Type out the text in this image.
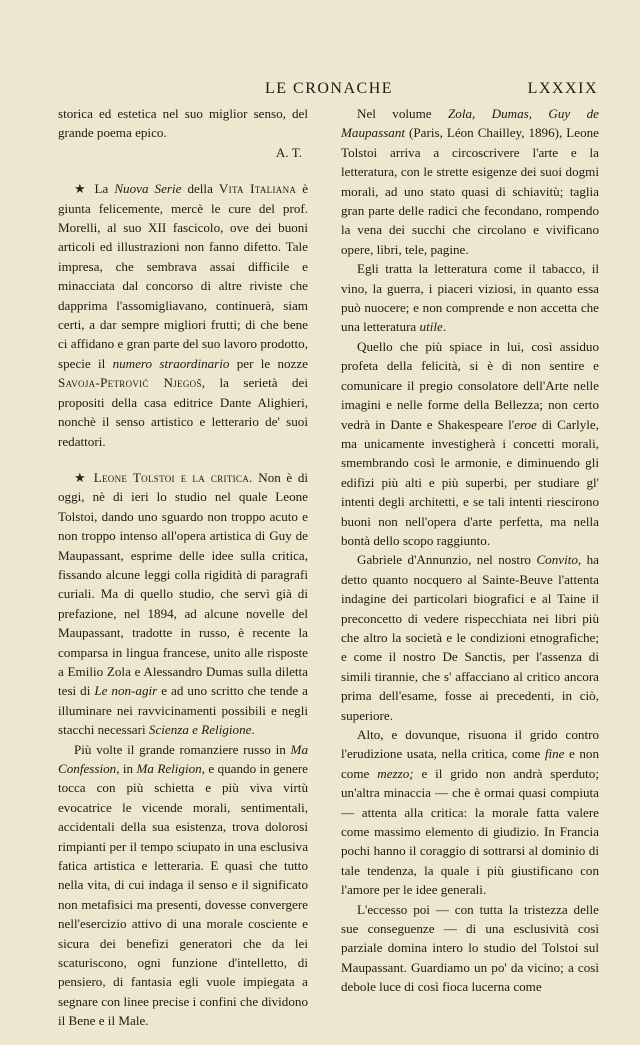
LE CRONACHE	LXXXIX

storica ed estetica nel suo miglior senso, del grande poema epico.
A. T.

★ La Nuova Serie della Vita Italiana è giunta felicemente, mercè le cure del prof. Morelli, al suo XII fascicolo, ove dei buoni articoli ed illustrazioni non fanno difetto. Tale impresa, che sembrava assai difficile e minacciata dal concorso di altre riviste che dapprima l'assomigliavano, continuerà, siam certi, a dar sempre migliori frutti; di che bene ci affidano e gran parte del suo lavoro prodotto, specie il numero straordinario per le nozze Savoja-Petrović Njegoš, la serietà dei propositi della casa editrice Dante Alighieri, nonchè il senso artistico e letterario de' suoi redattori.

★ Leone Tolstoi e la critica. Non è di oggi, nè di ieri lo studio nel quale Leone Tolstoi, dando uno sguardo non troppo acuto e non troppo intenso all'opera artistica di Guy de Maupassant, esprime delle idee sulla critica, fissando alcune leggi colla rigidità di paragrafi curiali. Ma di quello studio, che servì già di prefazione, nel 1894, ad alcune novelle del Maupassant, tradotte in russo, è recente la comparsa in lingua francese, unito alle risposte a Emilio Zola e Alessandro Dumas sulla diletta tesi di Le non-agir e ad uno scritto che tende a illuminare nei ravvicinamenti possibili e negli stacchi necessari Scienza e Religione.

Più volte il grande romanziere russo in Ma Confession, in Ma Religion, e quando in genere tocca con più schietta e più viva virtù evocatrice le vicende morali, sentimentali, accidentali della sua esistenza, trova dolorosi rimpianti per il tempo sciupato in una esclusiva fatica artistica e letteraria. E quasi che tutto nella vita, di cui indaga il senso e il significato non metafisici ma presenti, dovesse convergere nell'esercizio attivo di una morale cosciente e sicura dei benefizi generatori che da lei scaturiscono, ogni funzione d'intelletto, di pensiero, di fantasia egli vuole impiegata a segnare con linee precise i confini che dividono il Bene e il Male.

Nel volume Zola, Dumas, Guy de Maupassant (Paris, Léon Chailley, 1896), Leone Tolstoi arriva a circoscrivere l'arte e la letteratura, con le strette esigenze dei suoi dogmi morali, ad uno stato quasi di schiavitù; taglia gran parte delle radici che fecondano, rompendo la vena dei succhi che circolano e vivificano opere, libri, tele, pagine.

Egli tratta la letteratura come il tabacco, il vino, la guerra, i piaceri viziosi, in quanto essa può nuocere; e non comprende e non accetta che una letteratura utile.

Quello che più spiace in lui, così assiduo profeta della felicità, si è di non sentire e comunicare il pregio consolatore dell'Arte nelle imagini e nelle forme della Bellezza; non certo vedrà in Dante e Shakespeare l'eroe di Carlyle, ma unicamente investigherà i concetti morali, smembrando così le armonie, e diminuendo gli edifizi più alti e più superbi, per studiare gl' intenti degli architetti, e se tali intenti riescirono buoni non nell'opera d'arte perfetta, ma nella bontà dello scopo raggiunto.

Gabriele d'Annunzio, nel nostro Convito, ha detto quanto nocquero al Sainte-Beuve l'attenta indagine dei particolari biografici e al Taine il preconcetto di vedere rispecchiata nei libri più che altro la società e le condizioni etnografiche; e come il nostro De Sanctis, per l'assenza di simili tirannie, che s' affacciano al critico ancora prima dell'esame, fosse ai precedenti, in ciò, superiore.

Alto, e dovunque, risuona il grido contro l'erudizione usata, nella critica, come fine e non come mezzo; e il grido non andrà sperduto; un'altra minaccia — che è ormai quasi compiuta — attenta alla critica: la morale fatta valere come massimo elemento di giudizio. In Francia pochi hanno il coraggio di sottrarsi al dominio di tale tendenza, la quale i più giustificano con l'amore per le idee generali.

L'eccesso poi — con tutta la tristezza delle sue conseguenze — di una esclusività così parziale domina intero lo studio del Tolstoi sul Maupassant. Guardiamo un po' da vicino; a così debole luce di così fioca lucerna come
